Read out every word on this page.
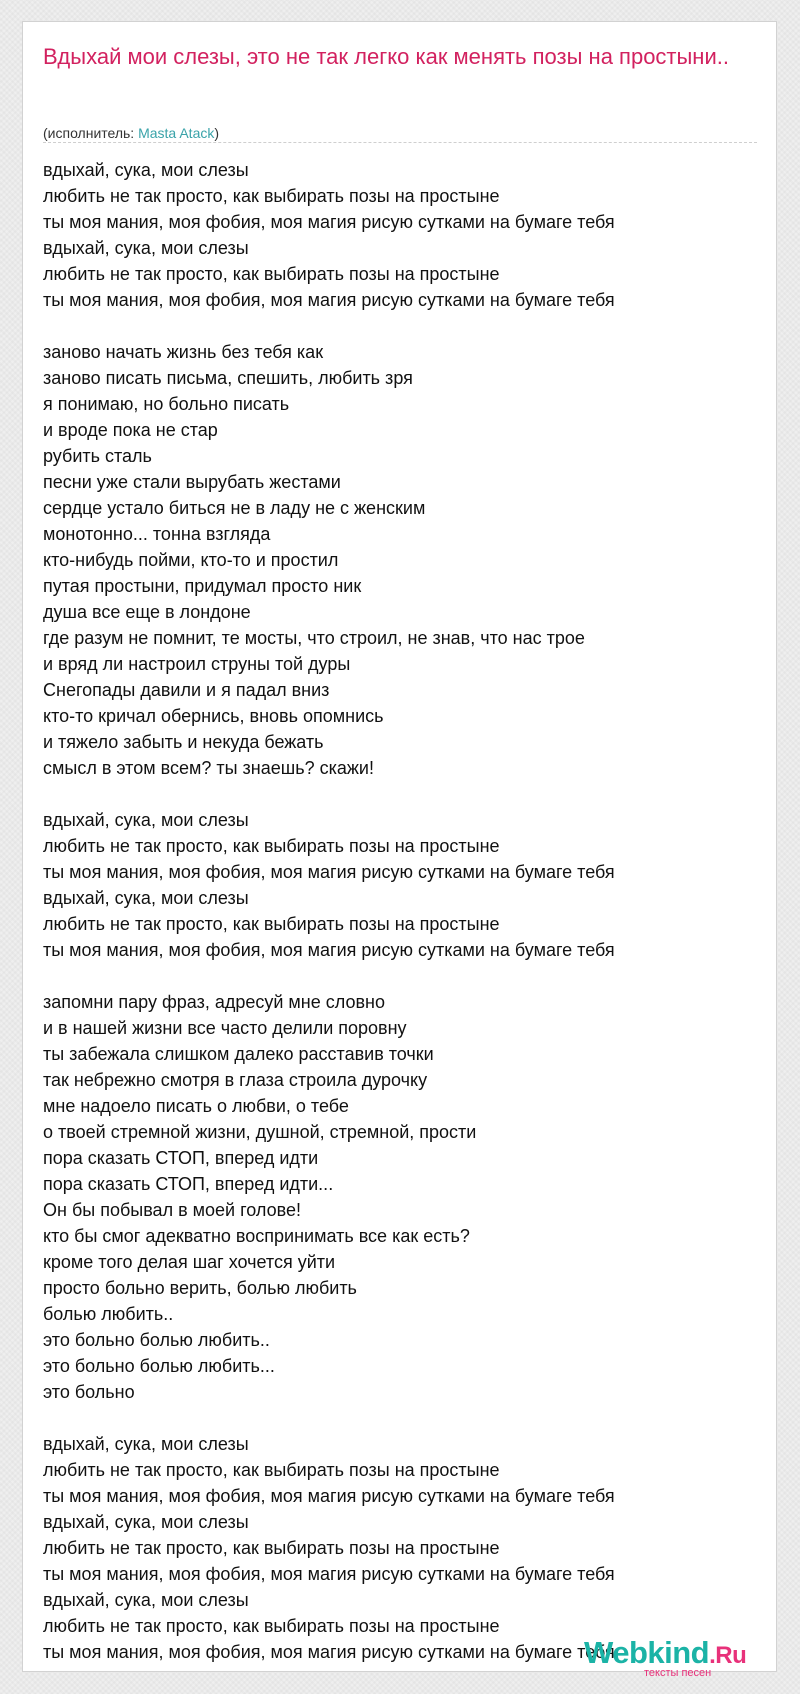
Вдыхай мои слезы, это не так легко как менять позы на простыни..
(исполнитель: Masta Atack)
вдыхай, сука, мои слезы
любить не так просто, как выбирать позы на простыне
ты моя мания, моя фобия, моя магия рисую сутками на бумаге тебя
вдыхай, сука, мои слезы
любить не так просто, как выбирать позы на простыне
ты моя мания, моя фобия, моя магия рисую сутками на бумаге тебя
заново начать жизнь без тебя как
заново писать письма, спешить, любить зря
я понимаю, но больно писать
и вроде пока не стар
рубить сталь
песни уже стали вырубать жестами
сердце устало биться не в ладу не с женским
монотонно... тонна взгляда
кто-нибудь пойми, кто-то и простил
путая простыни, придумал просто ник
душа все еще в лондоне
где разум не помнит, те мосты, что строил, не знав, что нас трое
и вряд ли настроил струны той дуры
Снегопады давили и я падал вниз
кто-то кричал обернись, вновь опомнись
и тяжело забыть и некуда бежать
смысл в этом всем? ты знаешь? скажи!
вдыхай, сука, мои слезы
любить не так просто, как выбирать позы на простыне
ты моя мания, моя фобия, моя магия рисую сутками на бумаге тебя
вдыхай, сука, мои слезы
любить не так просто, как выбирать позы на простыне
ты моя мания, моя фобия, моя магия рисую сутками на бумаге тебя
запомни пару фраз, адресуй мне словно
и в нашей жизни все часто делили поровну
ты забежала слишком далеко расставив точки
так небрежно смотря в глаза строила дурочку
мне надоело писать о любви, о тебе
о твоей стремной жизни, душной, стремной, прости
пора сказать СТОП, вперед идти
пора сказать СТОП, вперед идти...
Он бы побывал в моей голове!
кто бы смог адекватно воспринимать все как есть?
кроме того делая шаг хочется уйти
просто больно верить, болью любить
болью любить..
это больно болью любить..
это больно болью любить...
это больно
вдыхай, сука, мои слезы
любить не так просто, как выбирать позы на простыне
ты моя мания, моя фобия, моя магия рисую сутками на бумаге тебя
вдыхай, сука, мои слезы
любить не так просто, как выбирать позы на простыне
ты моя мания, моя фобия, моя магия рисую сутками на бумаге тебя
вдыхай, сука, мои слезы
любить не так просто, как выбирать позы на простыне
ты моя мания, моя фобия, моя магия рисую сутками на бумаге тебя
Webkind.Ru
тексты песен
